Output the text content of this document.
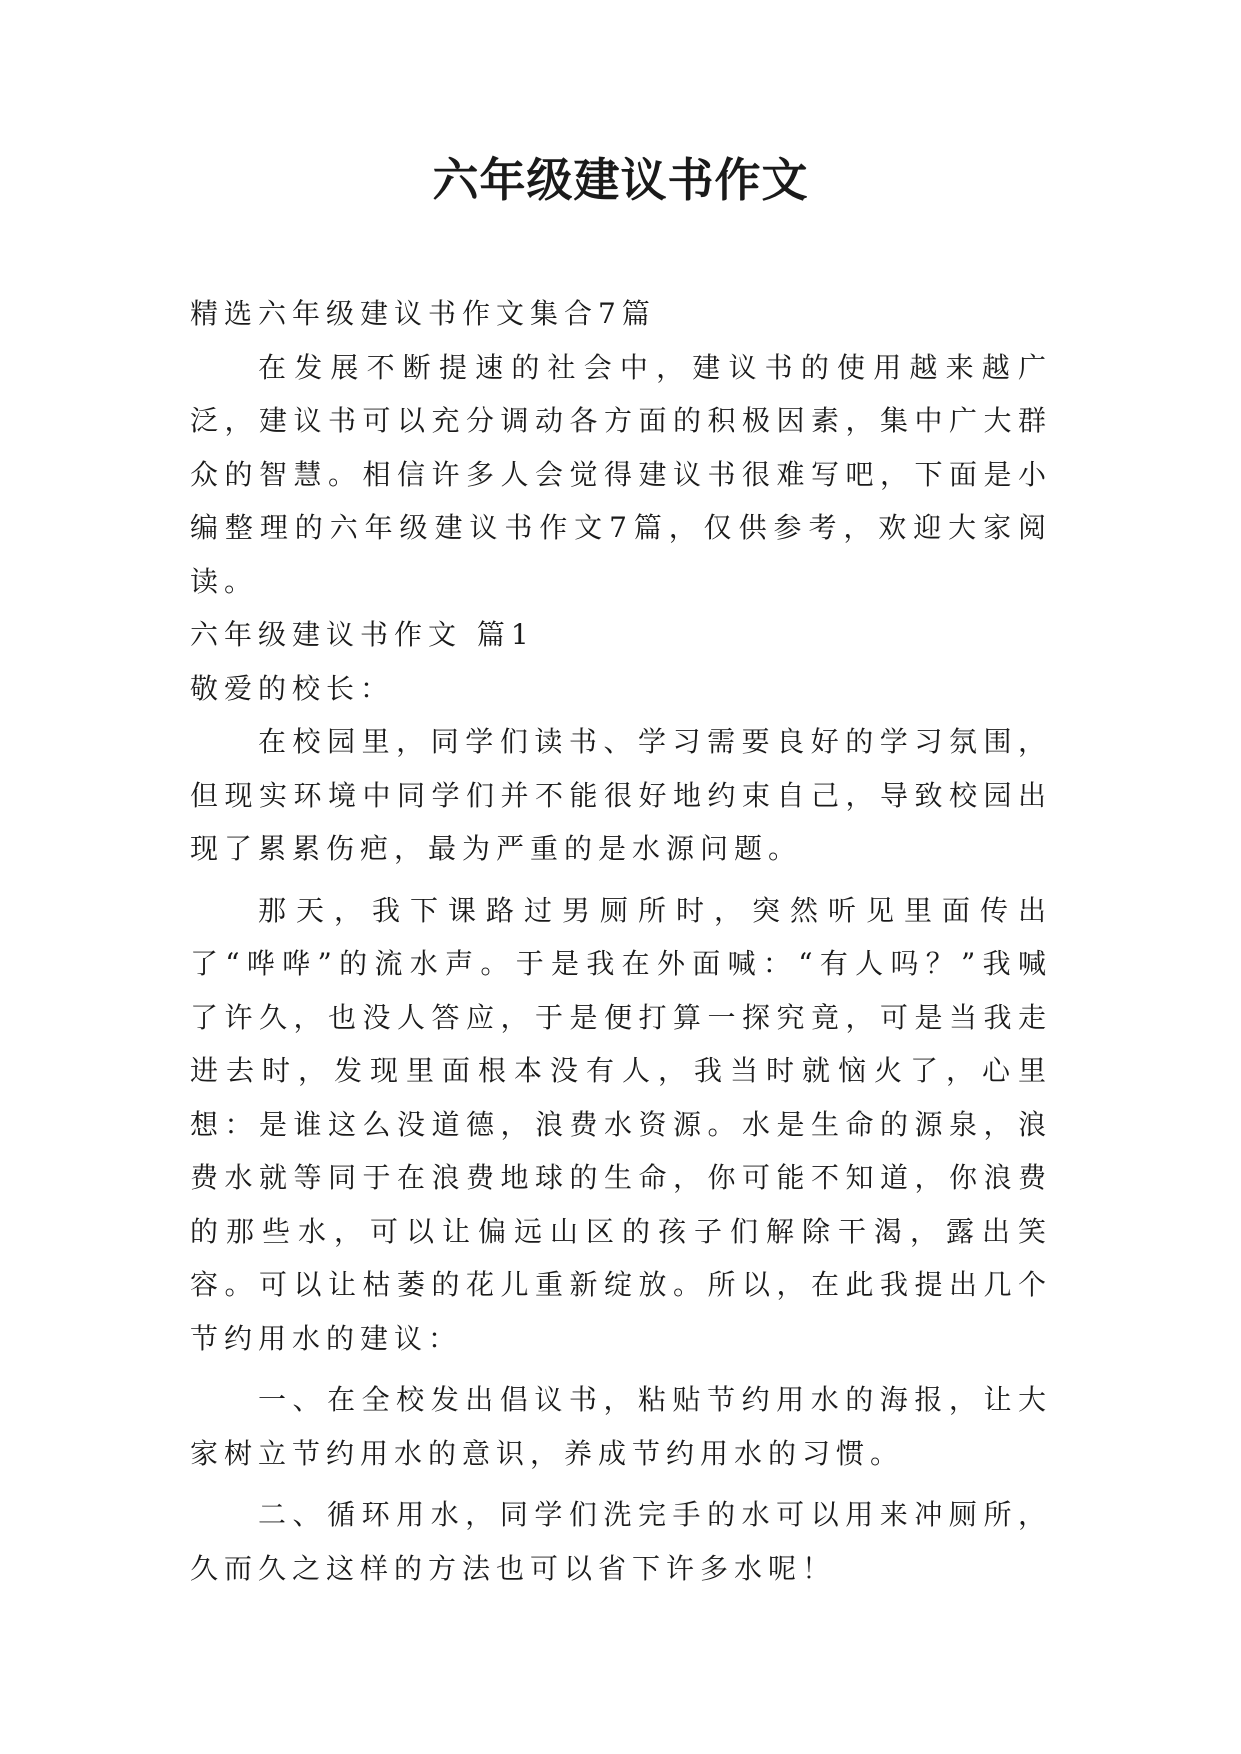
六年级建议书作文

精选六年级建议书作文集合7篇

在发展不断提速的社会中，建议书的使用越来越广泛，建议书可以充分调动各方面的积极因素，集中广大群众的智慧。相信许多人会觉得建议书很难写吧，下面是小编整理的六年级建议书作文7篇，仅供参考，欢迎大家阅读。

六年级建议书作文 篇1

敬爱的校长：

在校园里，同学们读书、学习需要良好的学习氛围，但现实环境中同学们并不能很好地约束自己，导致校园出现了累累伤疤，最为严重的是水源问题。

那天，我下课路过男厕所时，突然听见里面传出了“哗哗”的流水声。于是我在外面喊：“有人吗？”我喊了许久，也没人答应，于是便打算一探究竟，可是当我走进去时，发现里面根本没有人，我当时就恼火了，心里想：是谁这么没道德，浪费水资源。水是生命的源泉，浪费水就等同于在浪费地球的生命，你可能不知道，你浪费的那些水，可以让偏远山区的孩子们解除干渴，露出笑容。可以让枯萎的花儿重新绽放。所以，在此我提出几个节约用水的建议：

一、在全校发出倡议书，粘贴节约用水的海报，让大家树立节约用水的意识，养成节约用水的习惯。

二、循环用水，同学们洗完手的水可以用来冲厕所，久而久之这样的方法也可以省下许多水呢！
